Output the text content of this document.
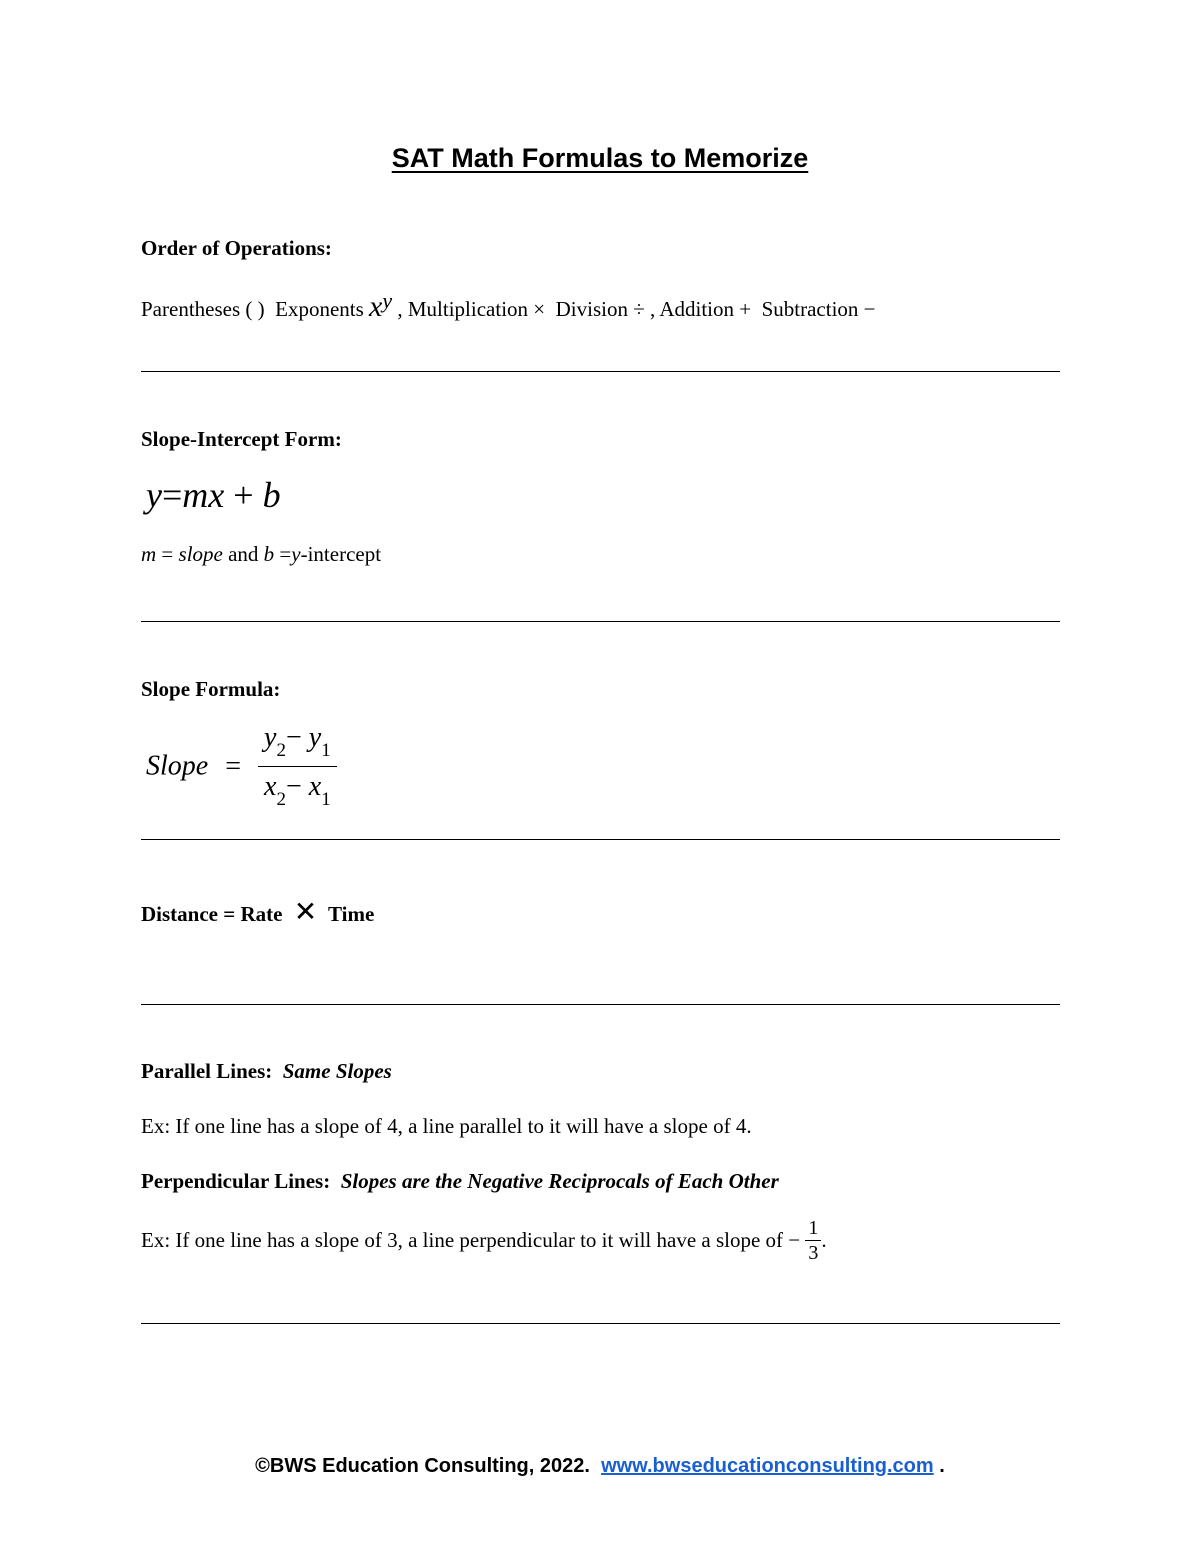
SAT Math Formulas to Memorize
Order of Operations:
Parentheses ( ) Exponents $x^y$ , Multiplication × Division ÷ , Addition + Subtraction −
Slope-Intercept Form:
y=mx + b
m = slope and b =y-intercept
Slope Formula:
Slope = $\frac{y_2- y_1}{x_2- x_1}$
Distance = Rate ✕ Time
Parallel Lines: Same Slopes
Ex: If one line has a slope of 4, a line parallel to it will have a slope of 4.
Perpendicular Lines: Slopes are the Negative Reciprocals of Each Other
Ex: If one line has a slope of 3, a line perpendicular to it will have a slope of − $\frac{1}{3}$ .
©BWS Education Consulting, 2022. www.bwseducationconsulting.com .
